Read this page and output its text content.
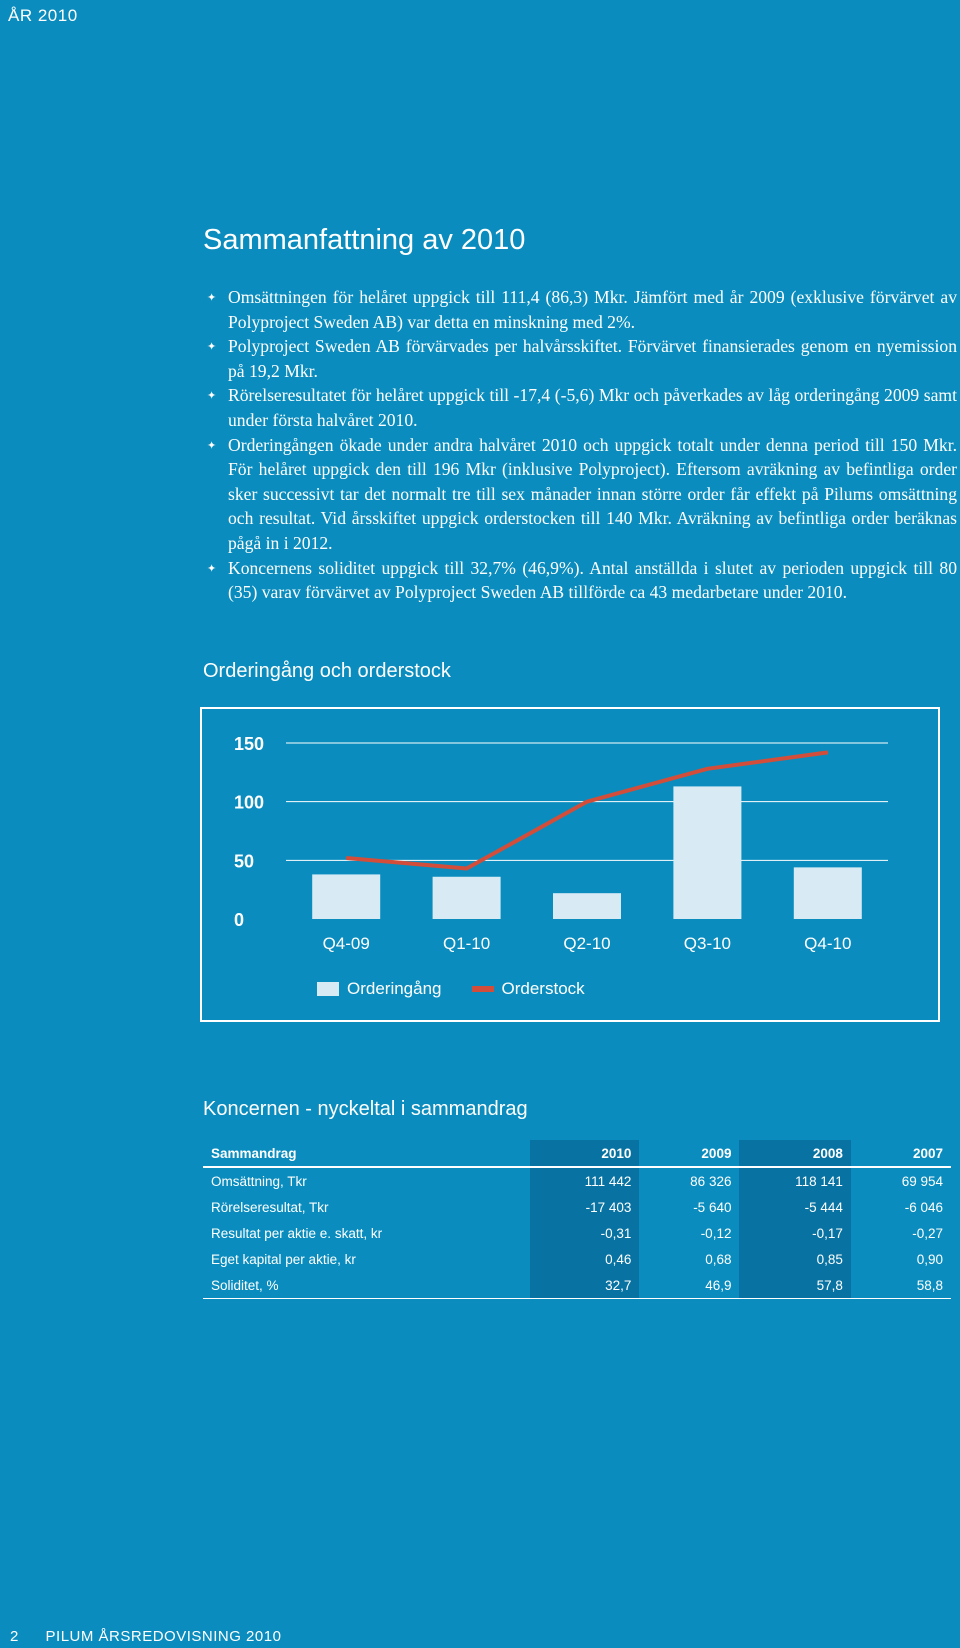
ÅR 2010
Sammanfattning av 2010
✦ Omsättningen för helåret uppgick till 111,4 (86,3) Mkr. Jämfört med år 2009 (exklusive förvärvet av Polyproject Sweden AB) var detta en minskning med 2%.
✦ Polyproject Sweden AB förvärvades per halvårsskiftet. Förvärvet finansierades genom en nyemission på 19,2 Mkr.
✦ Rörelseresultatet för helåret uppgick till -17,4 (-5,6) Mkr och påverkades av låg orderingång 2009 samt under första halvåret 2010.
✦ Orderingången ökade under andra halvåret 2010 och uppgick totalt under denna period till 150 Mkr. För helåret uppgick den till 196 Mkr (inklusive Polyproject). Eftersom avräkning av befintliga order sker successivt tar det normalt tre till sex månader innan större order får effekt på Pilums omsättning och resultat. Vid årsskiftet uppgick orderstocken till 140 Mkr. Avräkning av befintliga order beräknas pågå in i 2012.
✦ Koncernens soliditet uppgick till 32,7% (46,9%). Antal anställda i slutet av perioden uppgick till 80 (35) varav förvärvet av Polyproject Sweden AB tillförde ca 43 medarbetare under 2010.
Orderingång och orderstock
0
50
100
150
Q4-09	Q1-10	Q2-10	Q3-10	Q4-10
Orderingång	Orderstock
Koncernen - nyckeltal i sammandrag
Sammandrag	2010	2009	2008	2007
Omsättning, Tkr	111 442	86 326	118 141	69 954
Rörelseresultat, Tkr	-17 403	-5 640	-5 444	-6 046
Resultat per aktie e. skatt, kr	-0,31	-0,12	-0,17	-0,27
Eget kapital per aktie, kr	0,46	0,68	0,85	0,90
Soliditet, %	32,7	46,9	57,8	58,8
2 PILUM ÅRSREDOVISNING 2010
